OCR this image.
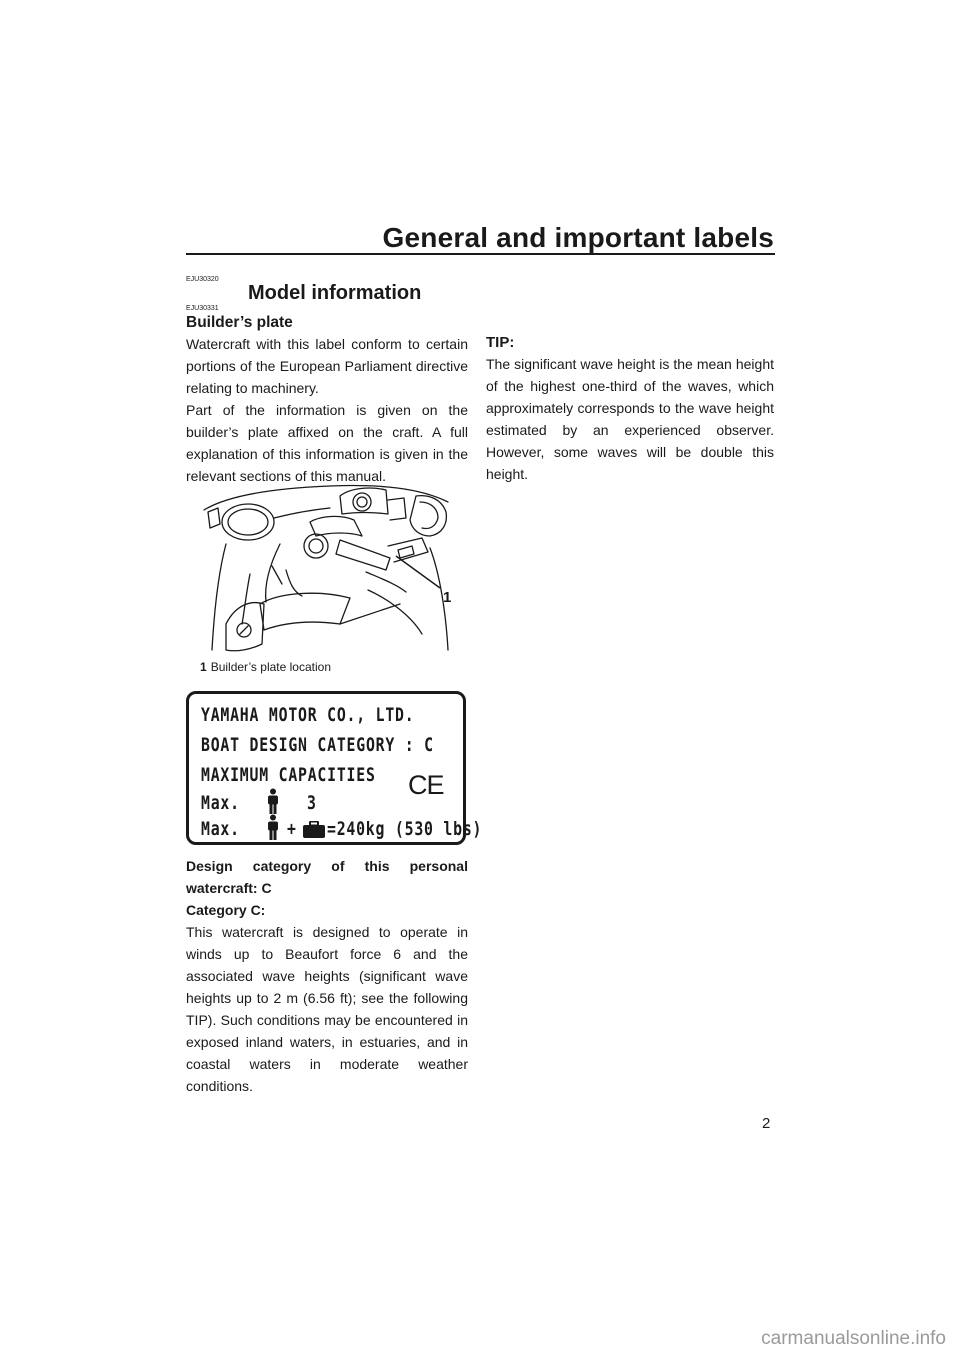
General and important labels
EJU30320
Model information
EJU30331
Builder’s plate

Watercraft with this label conform to certain portions of the European Parliament directive relating to machinery.

Part of the information is given on the builder’s plate affixed on the craft. A full explanation of this information is given in the relevant sections of this manual.

1
1 Builder’s plate location
YAMAHA MOTOR CO., LTD.
BOAT DESIGN CATEGORY : C
MAXIMUM CAPACITIES
Max.	3
CE
Max. + =240kg (530 lbs)

Design category of this personal watercraft: C

Category C:

This watercraft is designed to operate in winds up to Beaufort force 6 and the associated wave heights (significant wave heights up to 2 m (6.56 ft); see the following TIP). Such conditions may be encountered in exposed inland waters, in estuaries, and in coastal waters in moderate weather conditions.

TIP:
The significant wave height is the mean height of the highest one-third of the waves, which approximately corresponds to the wave height estimated by an experienced observer. However, some waves will be double this height.
2
carmanualsonline.info
